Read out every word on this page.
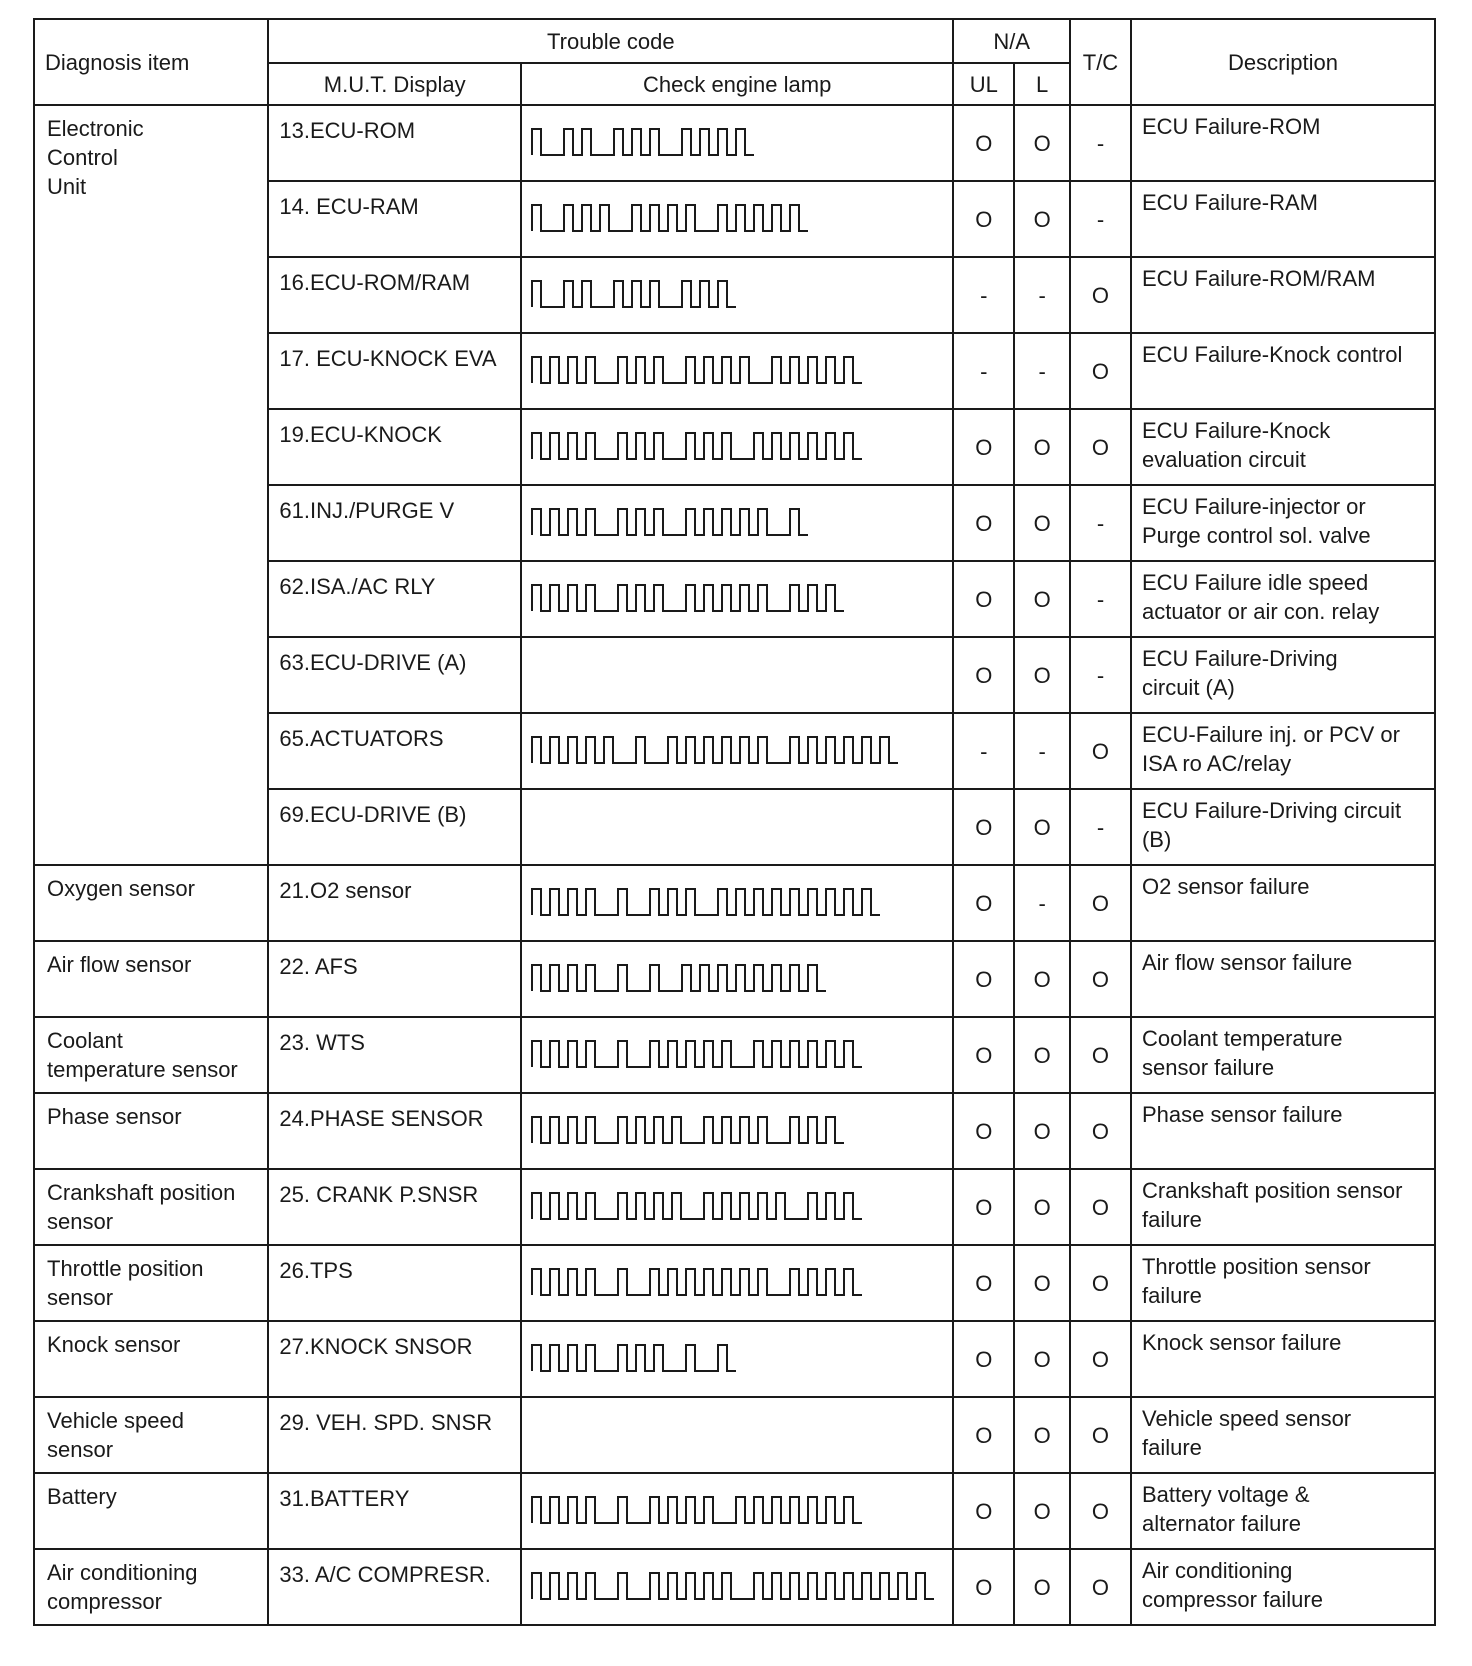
Diagnosis item	Trouble code		N/A		T/C	Description
	M.U.T. Display	Check engine lamp	UL	L		
Electronic
Control
Unit	13.ECU-ROM		O	O	-	ECU Failure-ROM
	14. ECU-RAM		O	O	-	ECU Failure-RAM
	16.ECU-ROM/RAM		-	-	O	ECU Failure-ROM/RAM
	17. ECU-KNOCK EVA		-	-	O	ECU Failure-Knock control
	19.ECU-KNOCK		O	O	O	ECU Failure-Knock
evaluation circuit
	61.INJ./PURGE V		O	O	-	ECU Failure-injector or
Purge control sol. valve
	62.ISA./AC RLY		O	O	-	ECU Failure idle speed
actuator or air con. relay
	63.ECU-DRIVE (A)		O	O	-	ECU Failure-Driving
circuit (A)
	65.ACTUATORS		-	-	O	ECU-Failure inj. or PCV or
ISA ro AC/relay
	69.ECU-DRIVE (B)		O	O	-	ECU Failure-Driving circuit
(B)
Oxygen sensor	21.O2 sensor		O	-	O	O2 sensor failure
Air flow sensor	22. AFS		O	O	O	Air flow sensor failure
Coolant
temperature sensor	23. WTS		O	O	O	Coolant temperature
sensor failure
Phase sensor	24.PHASE SENSOR		O	O	O	Phase sensor failure
Crankshaft position
sensor	25. CRANK P.SNSR		O	O	O	Crankshaft position sensor
failure
Throttle position
sensor	26.TPS		O	O	O	Throttle position sensor
failure
Knock sensor	27.KNOCK SNSOR		O	O	O	Knock sensor failure
Vehicle speed
sensor	29. VEH. SPD. SNSR		O	O	O	Vehicle speed sensor
failure
Battery	31.BATTERY		O	O	O	Battery voltage &
alternator failure
Air conditioning
compressor	33. A/C COMPRESR.		O	O	O	Air conditioning
compressor failure
